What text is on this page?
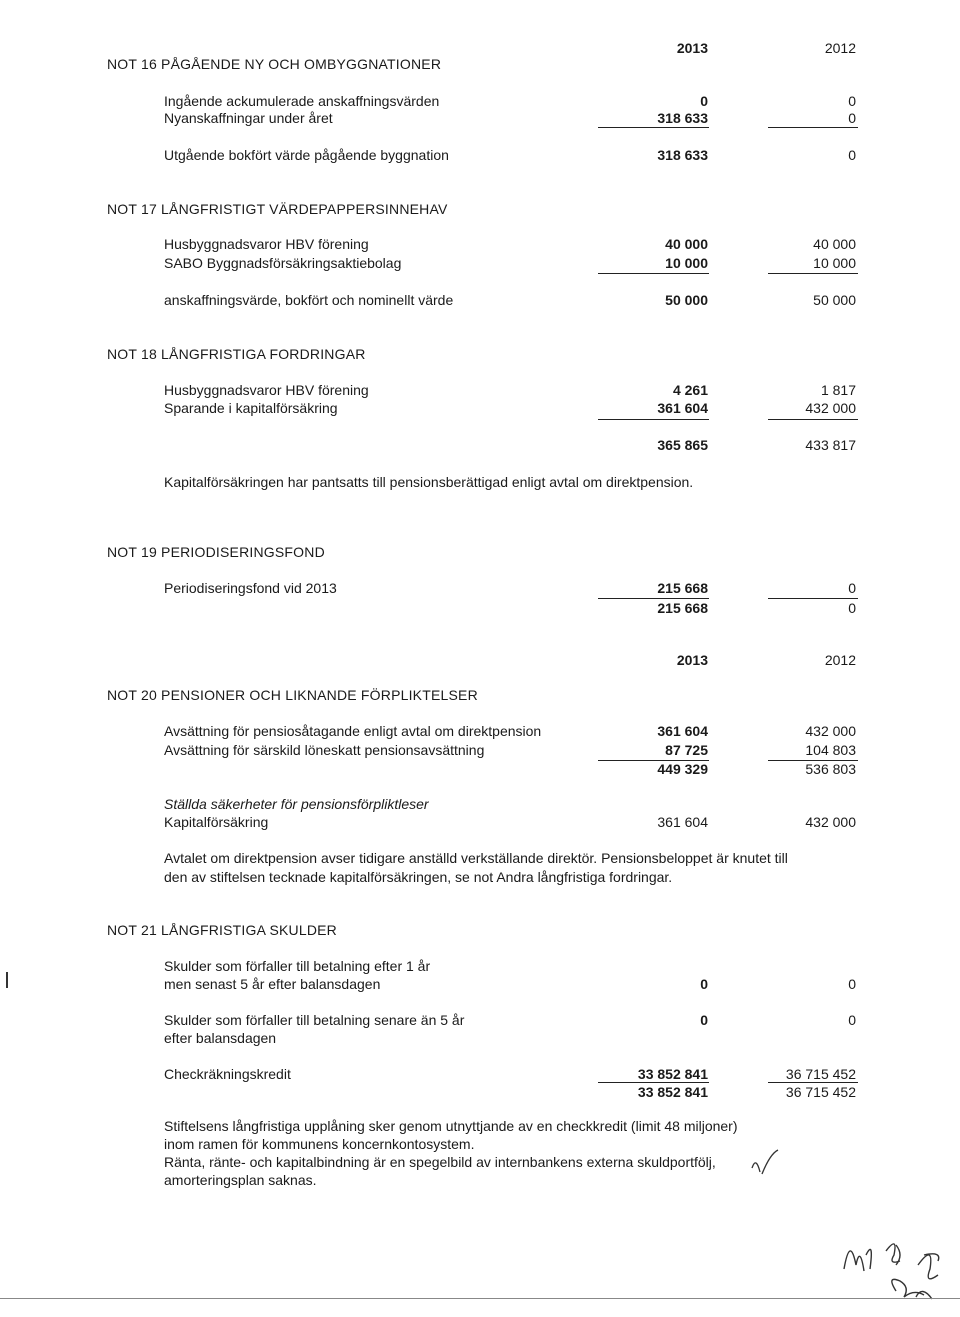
NOT 16 PÅGÅENDE NY OCH OMBYGGNATIONER
2013	2012
Ingående ackumulerade anskaffningsvärden	0	0
Nyanskaffningar under året	318 633	0
Utgående bokfört värde pågående byggnation	318 633	0
NOT 17 LÅNGFRISTIGT VÄRDEPAPPERSINNEHAV
Husbyggnadsvaror HBV förening	40 000	40 000
SABO Byggnadsförsäkringsaktiebolag	10 000	10 000
anskaffningsvärde, bokfört och nominellt värde	50 000	50 000
NOT 18 LÅNGFRISTIGA FORDRINGAR
Husbyggnadsvaror HBV förening	4 261	1 817
Sparande i kapitalförsäkring	361 604	432 000
365 865	433 817
Kapitalförsäkringen har pantsatts till pensionsberättigad enligt avtal om direktpension.
NOT 19 PERIODISERINGSFOND
Periodiseringsfond vid 2013	215 668	0
215 668	0
2013	2012
NOT 20 PENSIONER OCH LIKNANDE FÖRPLIKTELSER
Avsättning för pensiosåtagande enligt avtal om direktpension	361 604	432 000
Avsättning för särskild löneskatt pensionsavsättning	87 725	104 803
449 329	536 803
Ställda säkerheter för pensionsförpliktleser
Kapitalförsäkring	361 604	432 000
Avtalet om direktpension avser tidigare anställd verkställande direktör. Pensionsbeloppet är knutet till
den av stiftelsen tecknade kapitalförsäkringen, se not Andra långfristiga fordringar.
NOT 21 LÅNGFRISTIGA SKULDER
Skulder som förfaller till betalning efter 1 år
men senast 5 år efter balansdagen	0	0
Skulder som förfaller till betalning senare än 5 år
efter balansdagen
0	0
Checkräkningskredit	33 852 841	36 715 452
33 852 841	36 715 452
Stiftelsens långfristiga upplåning sker genom utnyttjande av en checkkredit (limit 48 miljoner)
inom ramen för kommunens koncernkontosystem.
Ränta, ränte- och kapitalbindning är en spegelbild av internbankens externa skuldportfölj,
amorteringsplan saknas.
